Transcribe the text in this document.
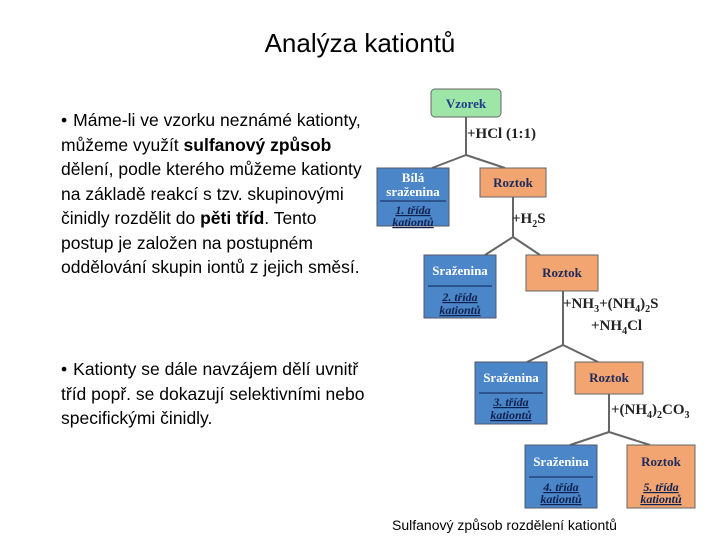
Analýza kationtů
• Máme-li ve vzorku neznámé kationty, můžeme využít sulfanový způsob dělení, podle kterého můžeme kationty na základě reakcí s tzv. skupinovými činidly rozdělit do pěti tříd. Tento postup je založen na postupném oddělování skupin iontů z jejich směsí.
• Kationty se dále navzájem dělí uvnitř tříd popř. se dokazují selektivními nebo specifickými činidly.
Vzorek
+HCl (1:1)
Bílá
sraženina
1. třída
kationtů
Roztok
$+H_2S$
Sraženina
2. třída
kationtů
Roztok
$+NH_3+(NH_4)_2S$
$+NH_4Cl$
Sraženina
3. třída
kationtů
Roztok
$+(NH_4)_2CO_3$
Sraženina
4. třída
kationtů
Roztok
5. třída
kationtů
Sulfanový způsob rozdělení kationtů
